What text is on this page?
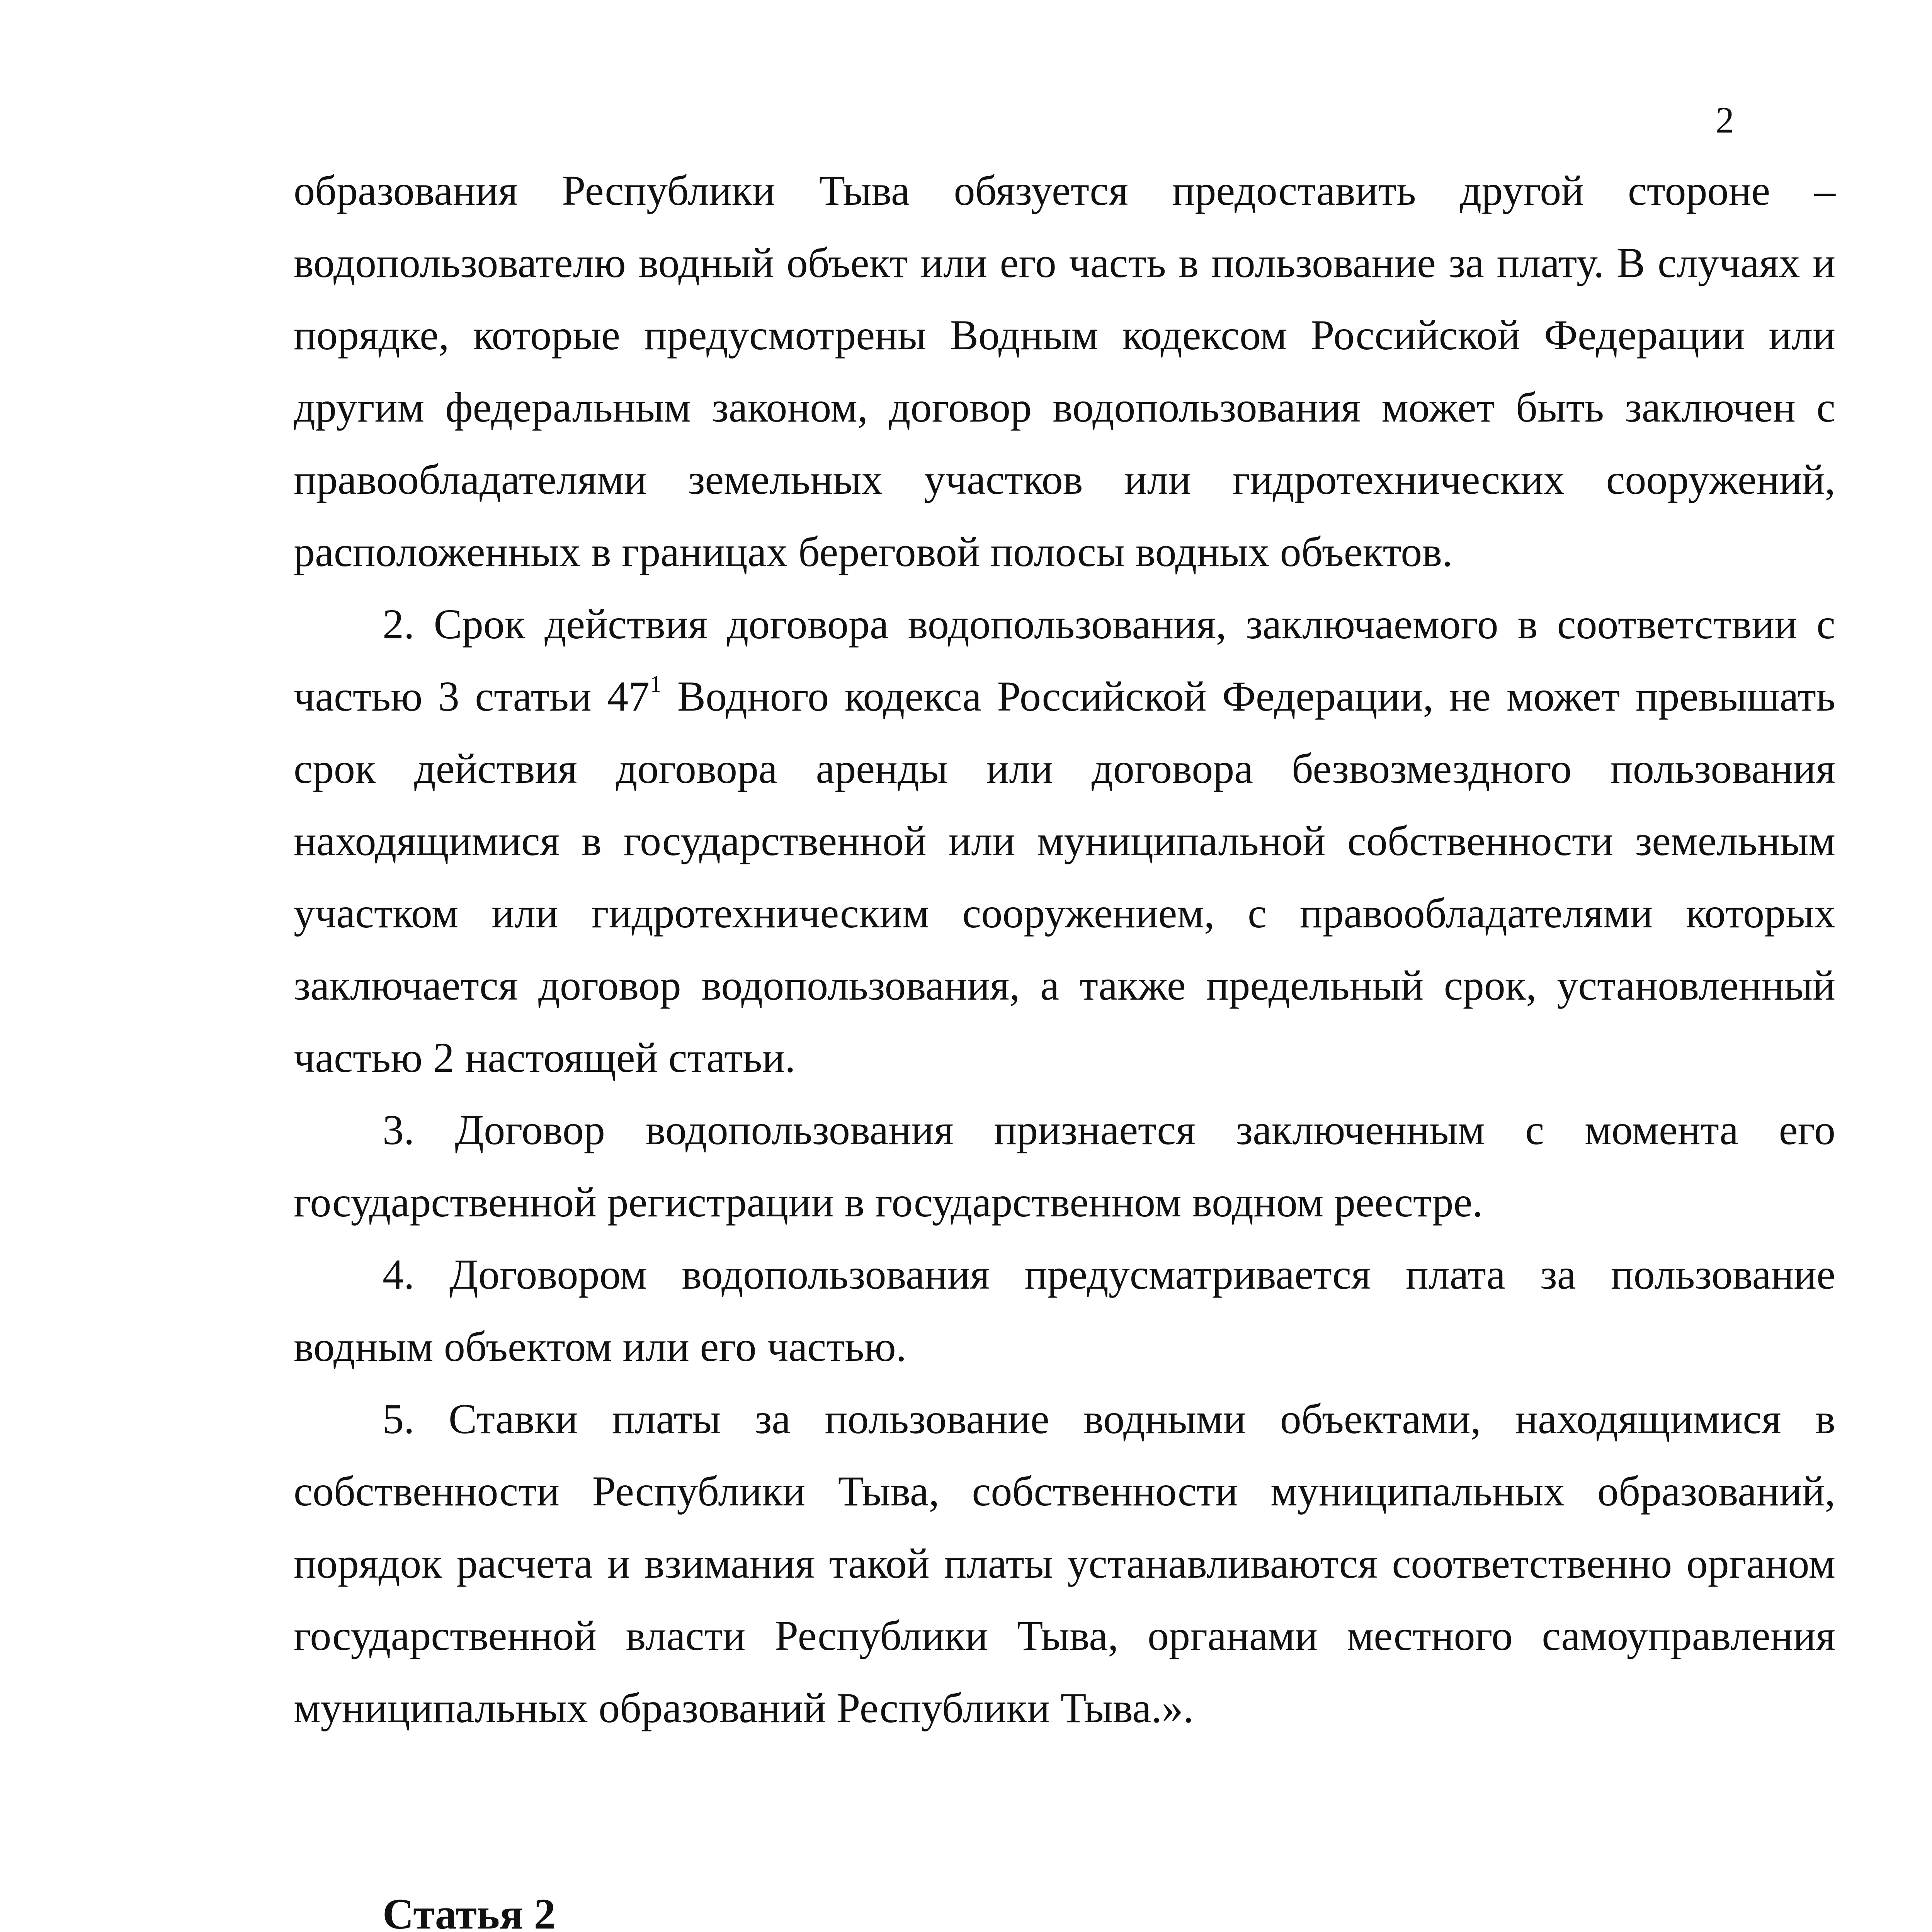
2

образования Республики Тыва обязуется предоставить другой стороне – водопользователю водный объект или его часть в пользование за плату. В случаях и порядке, которые предусмотрены Водным кодексом Российской Федерации или другим федеральным законом, договор водопользования может быть заключен с правообладателями земельных участков или гидротехнических сооружений, расположенных в границах береговой полосы водных объектов.

2. Срок действия договора водопользования, заключаемого в соответствии с частью 3 статьи $47^1$ Водного кодекса Российской Федерации, не может превышать срок действия договора аренды или договора безвозмездного пользования находящимися в государственной или муниципальной собственности земельным участком или гидротехническим сооружением, с правообладателями которых заключается договор водопользования, а также предельный срок, установленный частью 2 настоящей статьи.

3. Договор водопользования признается заключенным с момента его государственной регистрации в государственном водном реестре.

4. Договором водопользования предусматривается плата за пользование водным объектом или его частью.

5. Ставки платы за пользование водными объектами, находящимися в собственности Республики Тыва, собственности муниципальных образований, порядок расчета и взимания такой платы устанавливаются соответственно органом государственной власти Республики Тыва, органами местного самоуправления муниципальных образований Республики Тыва.».

Статья 2
